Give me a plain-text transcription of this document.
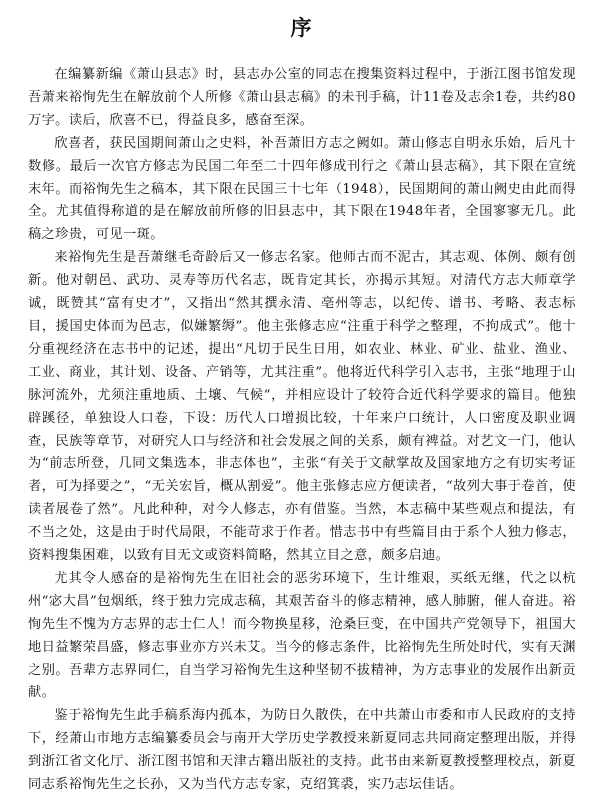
序

在编纂新编《萧山县志》时，县志办公室的同志在搜集资料过程中，于浙江图书馆发现吾萧来裕恂先生在解放前个人所修《萧山县志稿》的未刊手稿，计11卷及志余1卷，共约80万字。读后，欣喜不已，得益良多，感奋至深。

欣喜者，获民国期间萧山之史料，补吾萧旧方志之阙如。萧山修志自明永乐始，后凡十数修。最后一次官方修志为民国二年至二十四年修成刊行之《萧山县志稿》，其下限在宣统末年。而裕恂先生之稿本，其下限在民国三十七年（1948），民国期间的萧山阙史由此而得全。尤其值得称道的是在解放前所修的旧县志中，其下限在1948年者，全国寥寥无几。此稿之珍贵，可见一斑。

来裕恂先生是吾萧继毛奇龄后又一修志名家。他师古而不泥古，其志观、体例、颇有创新。他对朝邑、武功、灵寿等历代名志，既肯定其长，亦揭示其短。对清代方志大师章学诚，既赞其“富有史才”，又指出“然其撰永清、亳州等志，以纪传、谱书、考略、表志标目，援国史体而为邑志，似嫌繁缛”。他主张修志应“注重于科学之整理，不拘成式”。他十分重视经济在志书中的记述，提出“凡切于民生日用，如农业、林业、矿业、盐业、渔业、工业、商业，其计划、设备、产销等，尤其注重”。他将近代科学引入志书，主张“地理于山脉河流外，尤须注重地质、土壤、气候”，并相应设计了较符合近代科学要求的篇目。他独辟蹊径，单独设人口卷，下设：历代人口增损比较，十年来户口统计，人口密度及职业调查，民族等章节，对研究人口与经济和社会发展之间的关系，颇有裨益。对艺文一门，他认为“前志所登，几同文集选本，非志体也”，主张“有关于文献掌故及国家地方之有切实考证者，可为择要之”，“无关宏旨，概从割爱”。他主张修志应方便读者，“故列大事于卷首，使读者展卷了然”。凡此种种，对今人修志，亦有借鉴。当然，本志稿中某些观点和提法，有不当之处，这是由于时代局限，不能苛求于作者。惜志书中有些篇目由于系个人独力修志，资料搜集困难，以致有目无文或资料简略，然其立目之意，颇多启迪。

尤其令人感奋的是裕恂先生在旧社会的恶劣环境下，生计维艰，买纸无继，代之以杭州“宓大昌”包烟纸，终于独力完成志稿，其艰苦奋斗的修志精神，感人肺腑，催人奋进。裕恂先生不愧为方志界的志士仁人！而今物换星移，沧桑巨变，在中国共产党领导下，祖国大地日益繁荣昌盛，修志事业亦方兴未艾。当今的修志条件，比裕恂先生所处时代，实有天渊之别。吾辈方志界同仁，自当学习裕恂先生这种坚韧不拔精神，为方志事业的发展作出新贡献。

鉴于裕恂先生此手稿系海内孤本，为防日久散佚，在中共萧山市委和市人民政府的支持下，经萧山市地方志编纂委员会与南开大学历史学教授来新夏同志共同商定整理出版，并得到浙江省文化厅、浙江图书馆和天津古籍出版社的支持。此书由来新夏教授整理校点，新夏同志系裕恂先生之长孙，又为当代方志专家，克绍箕裘，实乃志坛佳话。
